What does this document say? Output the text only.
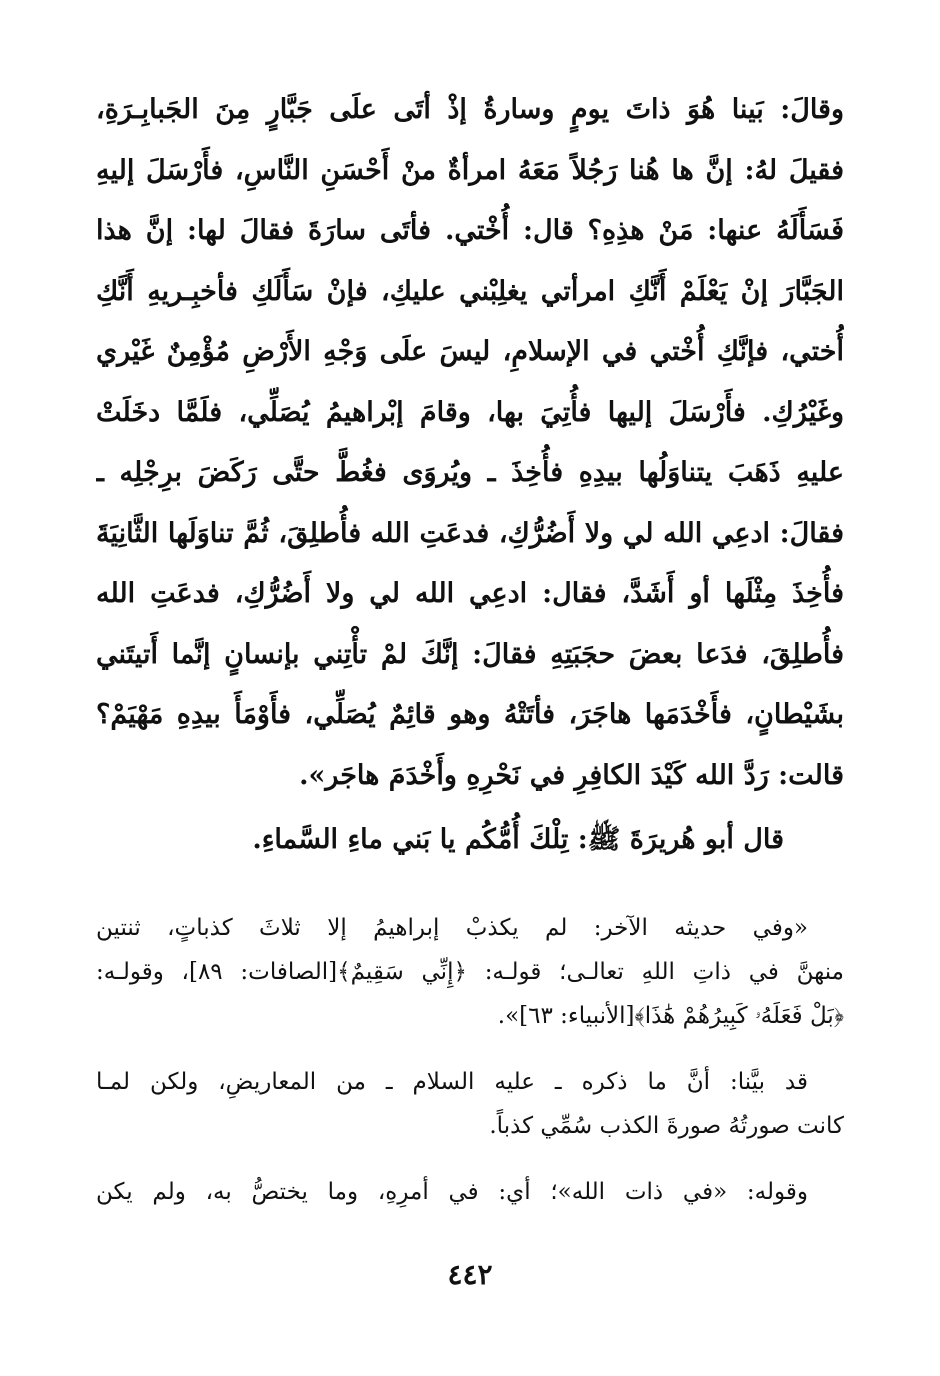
وقالَ: بَينا هُوَ ذاتَ يومٍ وسارةُ إذْ أتَى علَى جَبَّارٍ مِنَ الجَبابِـرَةِ،
فقيلَ لهُ: إنَّ ها هُنا رَجُلاً مَعَهُ امرأةٌ منْ أَحْسَنِ النَّاسِ، فأَرْسَلَ إليهِ
فَسَأَلَهُ عنها: مَنْ هذِهِ؟ قال: أُخْتي. فأتَى سارَةَ فقالَ لها: إنَّ هذا
الجَبَّارَ إنْ يَعْلَمْ أَنَّكِ امرأتي يغلِبْني عليكِ، فإنْ سَأَلَكِ فأخبِـريهِ أَنَّكِ
أُختي، فإنَّكِ أُخْتي في الإسلامِ، ليسَ علَى وَجْهِ الأَرْضِ مُؤْمِنٌ غَيْري
وغَيْرُكِ. فأَرْسَلَ إليها فأُتِيَ بها، وقامَ إبْراهيمُ يُصَلِّي، فلَمَّا دخَلَتْ
عليهِ ذَهَبَ يتناوَلُها بيدِهِ فأُخِذَ ـ ويُروَى فغُطَّ حتَّى رَكَضَ برِجْلِه ـ
فقالَ: ادعِي الله لي ولا أَضُرُّكِ، فدعَتِ الله فأُطلِقَ، ثُمَّ تناوَلَها الثَّانِيَةَ
فأُخِذَ مِثْلَها أو أَشَدَّ، فقال: ادعِي الله لي ولا أَضُرُّكِ، فدعَتِ الله
فأُطلِقَ، فدَعا بعضَ حجَبَتِهِ فقالَ: إنَّكَ لمْ تأْتِني بإنسانٍ إنَّما أَتيتَني
بشَيْطانٍ، فأَخْدَمَها هاجَرَ، فأتَتْهُ وهو قائِمٌ يُصَلِّي، فأَوْمَأَ بيدِهِ مَهْيَمْ؟
قالت: رَدَّ الله كَيْدَ الكافِرِ في نَحْرِهِ وأَخْدَمَ هاجَر».
قال أبو هُريرَةَ ﷺ: تِلْكَ أُمُّكُم يا بَني ماءِ السَّماءِ.
«وفي حديثه الآخر: لم يكذبْ إبراهيمُ إلا ثلاثَ كذباتٍ، ثنتين
منهنَّ في ذاتِ اللهِ تعالـى؛ قولـه: ﴿إِنِّي سَقِيمٌ﴾[الصافات: ٨٩]، وقولـه:
﴿بَلْ فَعَلَهُۥ كَبِيرُهُمْ هَٰذَا﴾[الأنبياء: ٦٣]».
قد بيَّنا: أنَّ ما ذكره ـ عليه السلام ـ من المعاريضِ، ولكن لمـا
كانت صورتُهُ صورةَ الكذب سُمِّي كذباً.
وقوله: «في ذات الله»؛ أي: في أمرِهِ، وما يختصُّ به، ولم يكن
٤٤٢
